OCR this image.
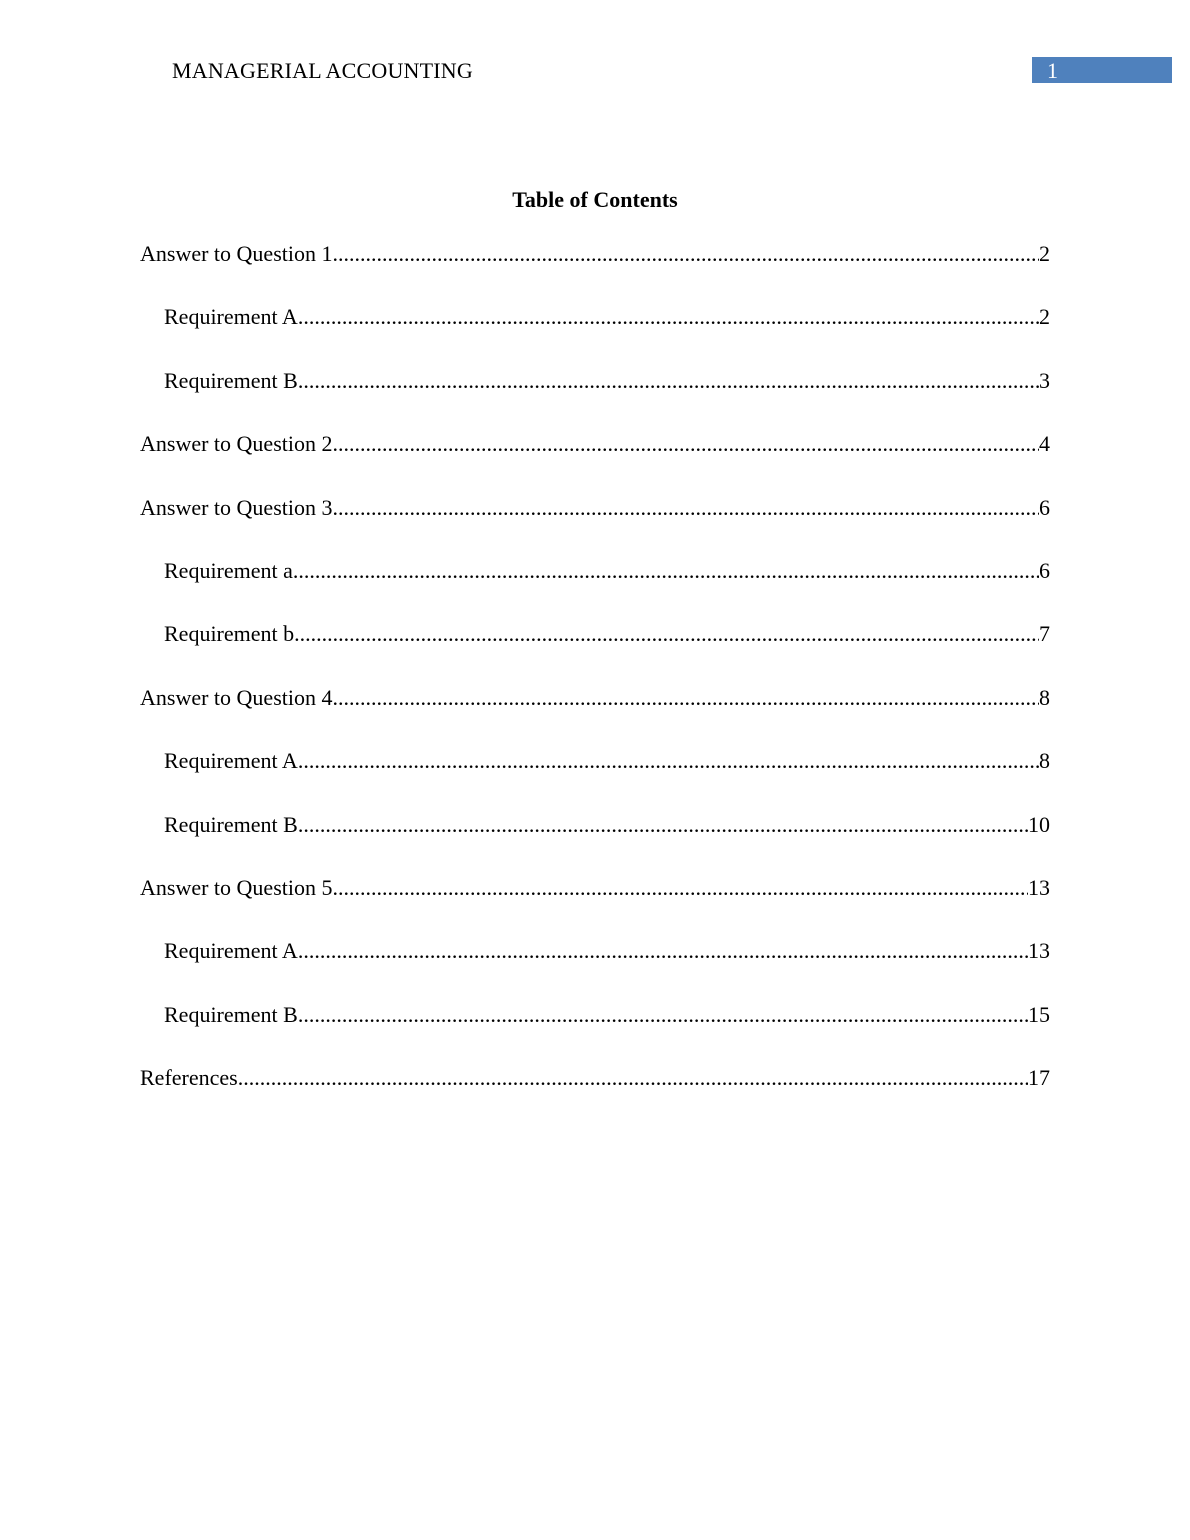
MANAGERIAL ACCOUNTING	1
Table of Contents
Answer to Question 1 .....	2
Requirement A .....	2
Requirement B .....	3
Answer to Question 2 .....	4
Answer to Question 3 .....	6
Requirement a .....	6
Requirement b .....	7
Answer to Question 4 .....	8
Requirement A .....	8
Requirement B .....	10
Answer to Question 5 .....	13
Requirement A .....	13
Requirement B .....	15
References .....	17
